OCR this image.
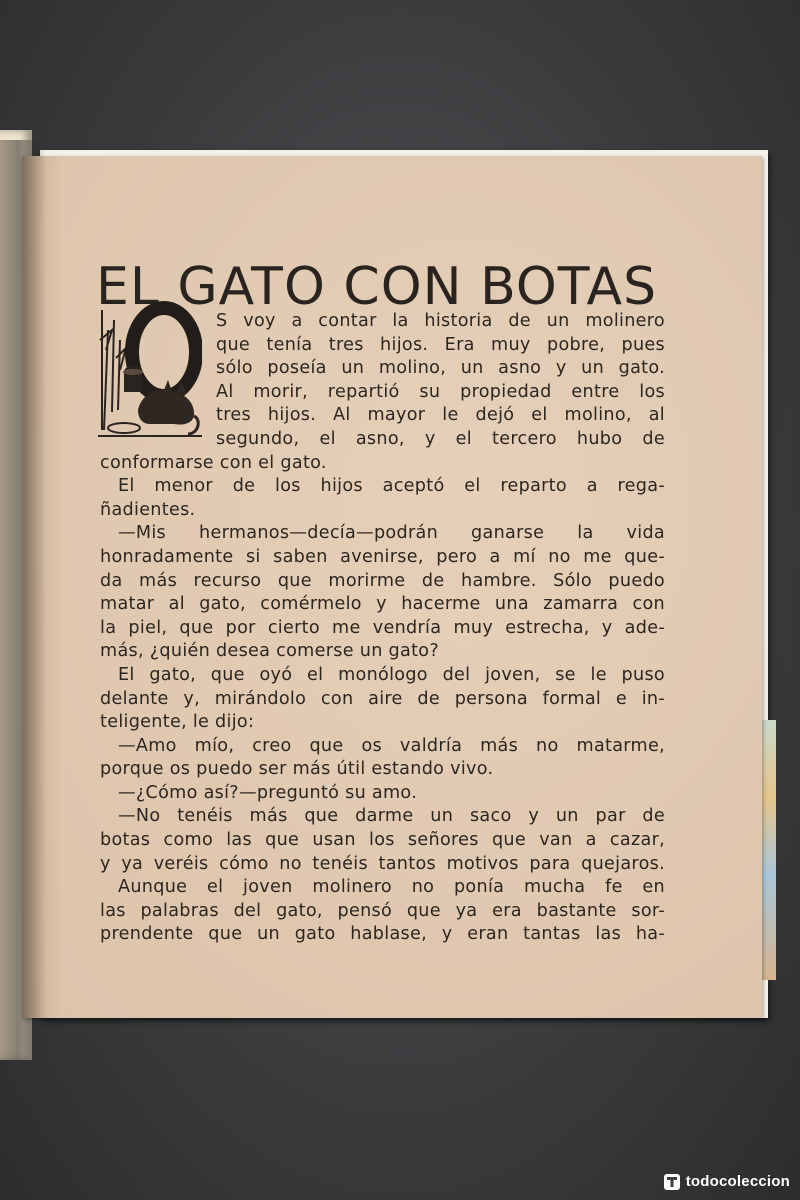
EL GATO CON BOTAS
S voy a contar la historia de un molinero
que tenía tres hijos. Era muy pobre, pues
sólo poseía un molino, un asno y un gato.
Al morir, repartió su propiedad entre los
tres hijos. Al mayor le dejó el molino, al
segundo, el asno, y el tercero hubo de
conformarse con el gato.
El menor de los hijos aceptó el reparto a rega-
ñadientes.
—Mis hermanos—decía—podrán ganarse la vida
honradamente si saben avenirse, pero a mí no me que-
da más recurso que morirme de hambre. Sólo puedo
matar al gato, comérmelo y hacerme una zamarra con
la piel, que por cierto me vendría muy estrecha, y ade-
más, ¿quién desea comerse un gato?
El gato, que oyó el monólogo del joven, se le puso
delante y, mirándolo con aire de persona formal e in-
teligente, le dijo:
—Amo mío, creo que os valdría más no matarme,
porque os puedo ser más útil estando vivo.
—¿Cómo así?—preguntó su amo.
—No tenéis más que darme un saco y un par de
botas como las que usan los señores que van a cazar,
y ya veréis cómo no tenéis tantos motivos para quejaros.
Aunque el joven molinero no ponía mucha fe en
las palabras del gato, pensó que ya era bastante sor-
prendente que un gato hablase, y eran tantas las ha-
todocoleccion
